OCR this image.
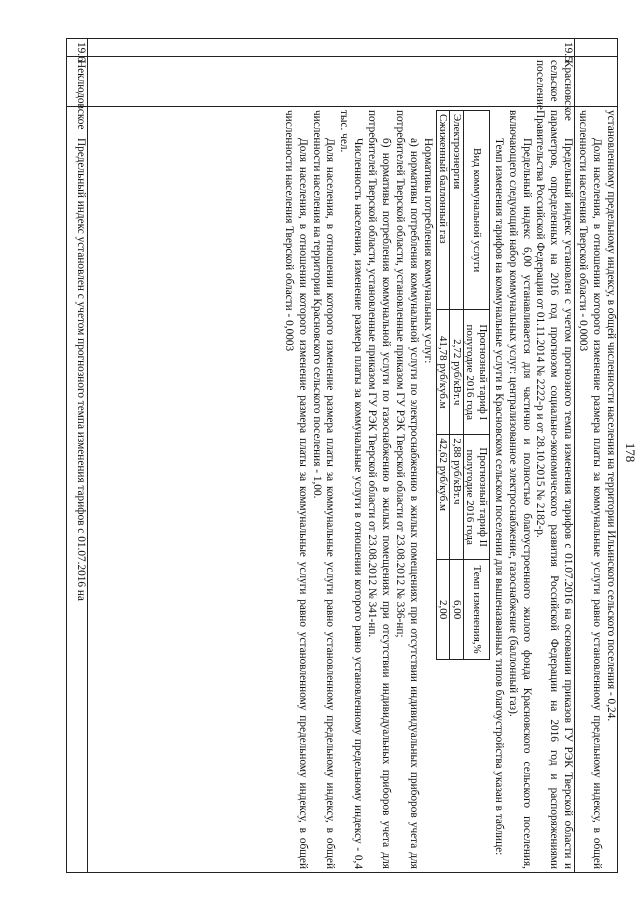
178

установленному предельному индексу, в общей численности населения на территории Ильинского сельского поселения - 0,24.

Доля населения, в отношении которого изменение размера платы за коммунальные услуги равно установленному предельному индексу, в общей численности населения Тверской области - 0,0003

19.5	Красновское сельское поселение	

Предельный индекс установлен с учетом прогнозного темпа изменения тарифов с 01.07.2016 на основании приказов ГУ РЭК Тверской области и параметров, определенных на 2016 год прогнозом социально-экономического развития Российской Федерации на 2016 год и распоряжениями Правительства Российской Федерации от 01.11.2014 № 2222-р и от 28.10.2015 № 2182-р.

Предельный индекс 6,00 устанавливается для частично и полностью благоустроенного жилого фонда Красновского сельского поселения, включающего следующий набор коммунальных услуг: централизованное электроснабжение, газоснабжение (баллонный газ).

Темп изменения тарифов на коммунальные услуги в Красновском сельском поселении для вышеназванных типов благоустройства указан в таблице:

Вид коммунальной услуги	Прогнозный тариф I полугодие 2016 года	Прогнозный тариф II полугодие 2016 года	Темп изменения,%
Электроэнергия	2,72 руб/кВт.ч	2,88 руб/кВт.ч	6,00
Сжиженный баллонный газ	41,78 руб/куб.м	42,62 руб/куб.м	2,00

Нормативы потребления коммунальных услуг:

а) нормативы потребления коммунальной услуги по электроснабжению в жилых помещениях при отсутствии индивидуальных приборов учета для потребителей Тверской области, установленные приказом ГУ РЭК Тверской области от 23.08.2012 № 336-нп;

б) нормативы потребления коммунальной услуги по газоснабжению в жилых помещениях при отсутствии индивидуальных приборов учета для потребителей Тверской области, установленные приказом ГУ РЭК Тверской области от 23.08.2012 № 341-нп.

Численность населения, изменение размера платы за коммунальные услуги в отношении которого равно установленному предельному индексу - 0,4 тыс. чел.

Доля населения, в отношении которого изменение размера платы за коммунальные услуги равно установленному предельному индексу, в общей численности населения на территории Красновского сельского поселения - 1,00.

Доля населения, в отношении которого изменение размера платы за коммунальные услуги равно установленному предельному индексу, в общей численности населения Тверской области - 0,0003

19.6	Неклюдовское	

Предельный индекс установлен с учетом прогнозного темпа изменения тарифов с 01.07.2016 на
